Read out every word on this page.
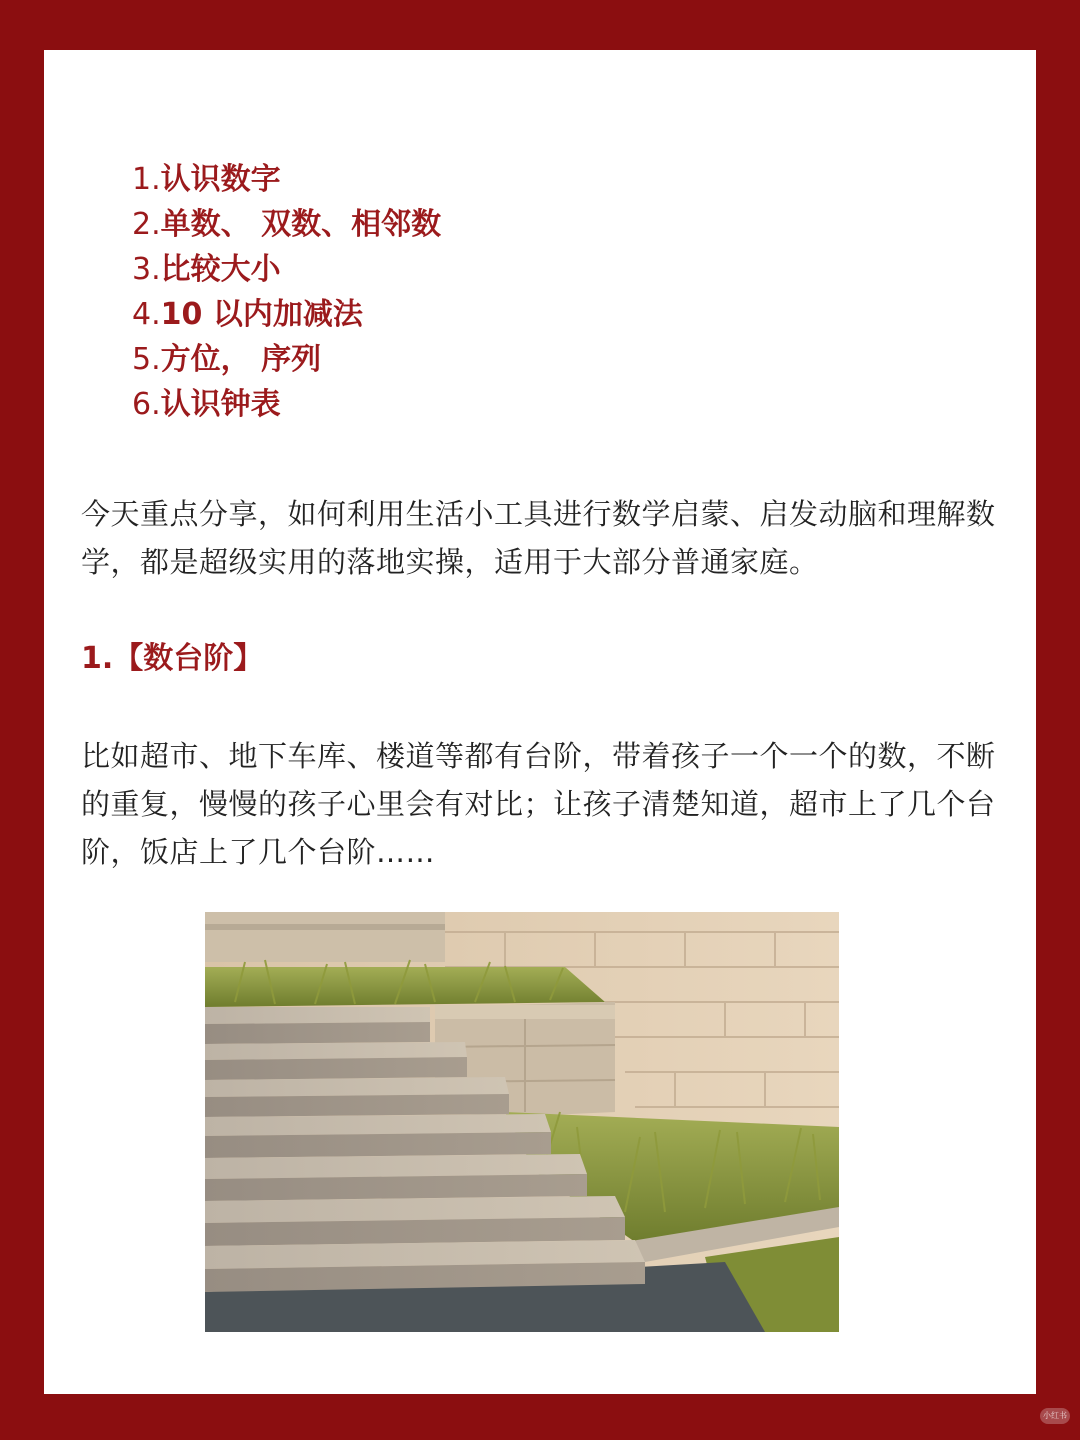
1.认识数字
2.单数、 双数、相邻数
3.比较大小
4.10 以内加减法
5.方位， 序列
6.认识钟表

今天重点分享，如何利用生活小工具进行数学启蒙、启发动脑和理解数学，都是超级实用的落地实操，适用于大部分普通家庭。

1.【数台阶】

比如超市、地下车库、楼道等都有台阶，带着孩子一个一个的数，不断的重复，慢慢的孩子心里会有对比；让孩子清楚知道，超市上了几个台阶，饭店上了几个台阶……

小红书
